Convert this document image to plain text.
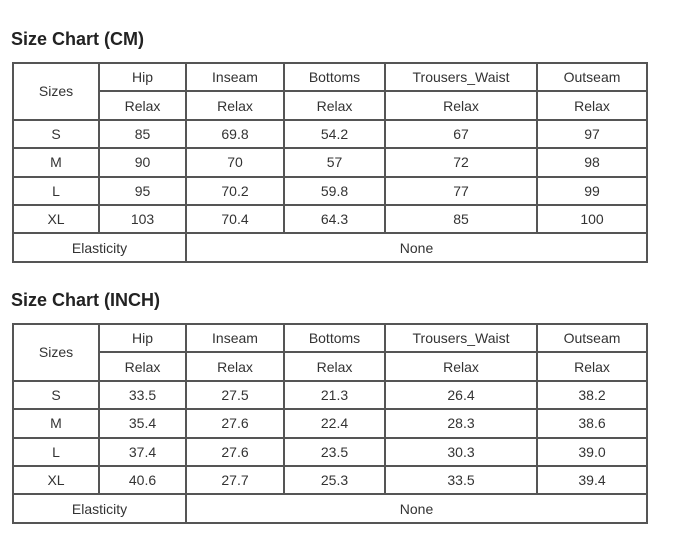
Size Chart (CM)
Sizes	Hip	Inseam	Bottoms	Trousers_Waist	Outseam
	Relax	Relax	Relax	Relax	Relax
S	85	69.8	54.2	67	97
M	90	70	57	72	98
L	95	70.2	59.8	77	99
XL	103	70.4	64.3	85	100
Elasticity		None			
Size Chart (INCH)
Sizes	Hip	Inseam	Bottoms	Trousers_Waist	Outseam
	Relax	Relax	Relax	Relax	Relax
S	33.5	27.5	21.3	26.4	38.2
M	35.4	27.6	22.4	28.3	38.6
L	37.4	27.6	23.5	30.3	39.0
XL	40.6	27.7	25.3	33.5	39.4
Elasticity		None			
